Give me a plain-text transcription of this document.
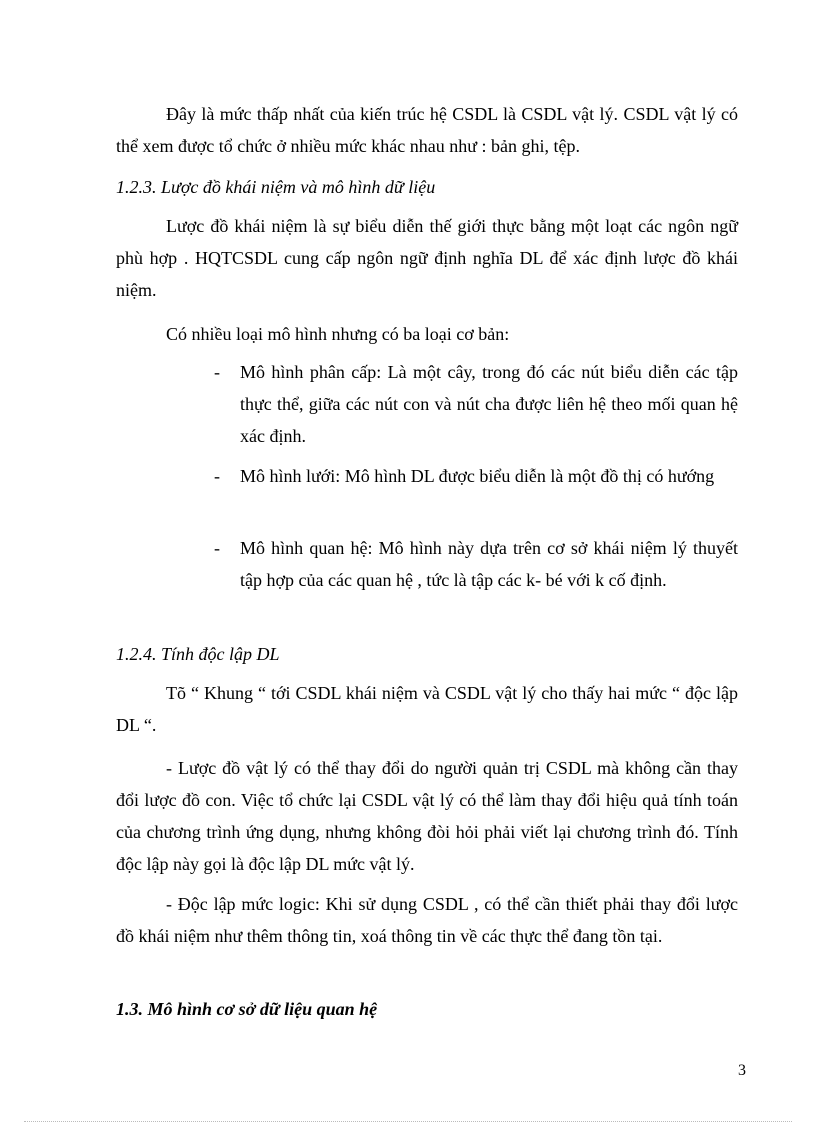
Đây là mức thấp nhất của kiến trúc hệ CSDL là CSDL vật lý. CSDL vật lý có thể xem được tổ chức ở nhiều mức khác nhau như : bản ghi, tệp.

1.2.3. Lược đồ khái niệm và mô hình dữ liệu

Lược đồ khái niệm là sự biểu diễn thế giới thực bằng một loạt các ngôn ngữ phù hợp . HQTCSDL cung cấp ngôn ngữ định nghĩa DL để xác định lược đồ khái niệm.

Có nhiều loại mô hình nhưng có ba loại cơ bản:

- Mô hình phân cấp: Là một cây, trong đó các nút biểu diễn các tập thực thể, giữa các nút con và nút cha được liên hệ theo mối quan hệ xác định.
- Mô hình lưới: Mô hình DL được biểu diễn là một đồ thị có hướng
- Mô hình quan hệ: Mô hình này dựa trên cơ sở khái niệm lý thuyết tập hợp của các quan hệ , tức là tập các k- bé với k cố định.

1.2.4. Tính độc lập DL

Tõ “ Khung “ tới CSDL khái niệm và CSDL vật lý cho thấy hai mức “ độc lập DL “.

- Lược đồ vật lý có thể thay đổi do người quản trị CSDL mà không cần thay đổi lược đồ con. Việc tổ chức lại CSDL vật lý có thể làm thay đổi hiệu quả tính toán của chương trình ứng dụng, nhưng không đòi hỏi phải viết lại chương trình đó. Tính độc lập này gọi là độc lập DL mức vật lý.

- Độc lập mức logic: Khi sử dụng CSDL , có thể cần thiết phải thay đổi lược đồ khái niệm như thêm thông tin, xoá thông tin về các thực thể đang tồn tại.

1.3. Mô hình cơ sở dữ liệu quan hệ

3
